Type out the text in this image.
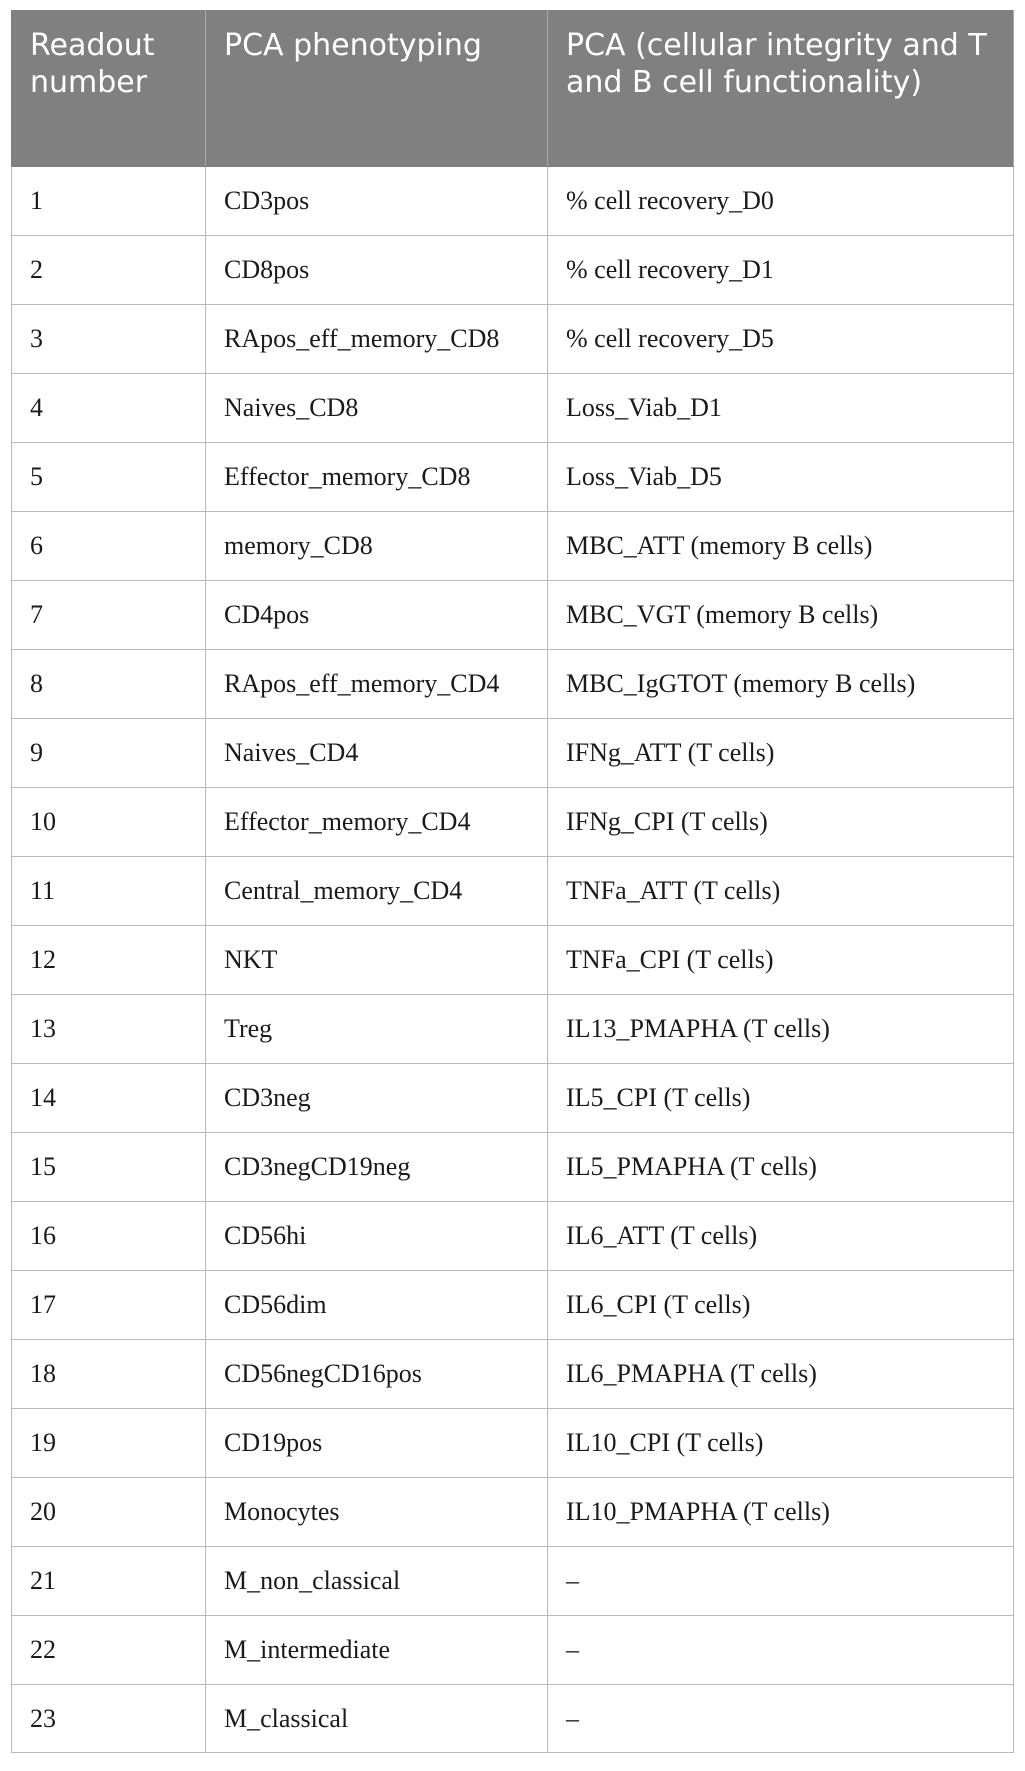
Readout number	PCA phenotyping	PCA (cellular integrity and T and B cell functionality)
1	CD3pos	% cell recovery_D0
2	CD8pos	% cell recovery_D1
3	RApos_eff_memory_CD8	% cell recovery_D5
4	Naives_CD8	Loss_Viab_D1
5	Effector_memory_CD8	Loss_Viab_D5
6	memory_CD8	MBC_ATT (memory B cells)
7	CD4pos	MBC_VGT (memory B cells)
8	RApos_eff_memory_CD4	MBC_IgGTOT (memory B cells)
9	Naives_CD4	IFNg_ATT (T cells)
10	Effector_memory_CD4	IFNg_CPI (T cells)
11	Central_memory_CD4	TNFa_ATT (T cells)
12	NKT	TNFa_CPI (T cells)
13	Treg	IL13_PMAPHA (T cells)
14	CD3neg	IL5_CPI (T cells)
15	CD3negCD19neg	IL5_PMAPHA (T cells)
16	CD56hi	IL6_ATT (T cells)
17	CD56dim	IL6_CPI (T cells)
18	CD56negCD16pos	IL6_PMAPHA (T cells)
19	CD19pos	IL10_CPI (T cells)
20	Monocytes	IL10_PMAPHA (T cells)
21	M_non_classical	–
22	M_intermediate	–
23	M_classical	–
